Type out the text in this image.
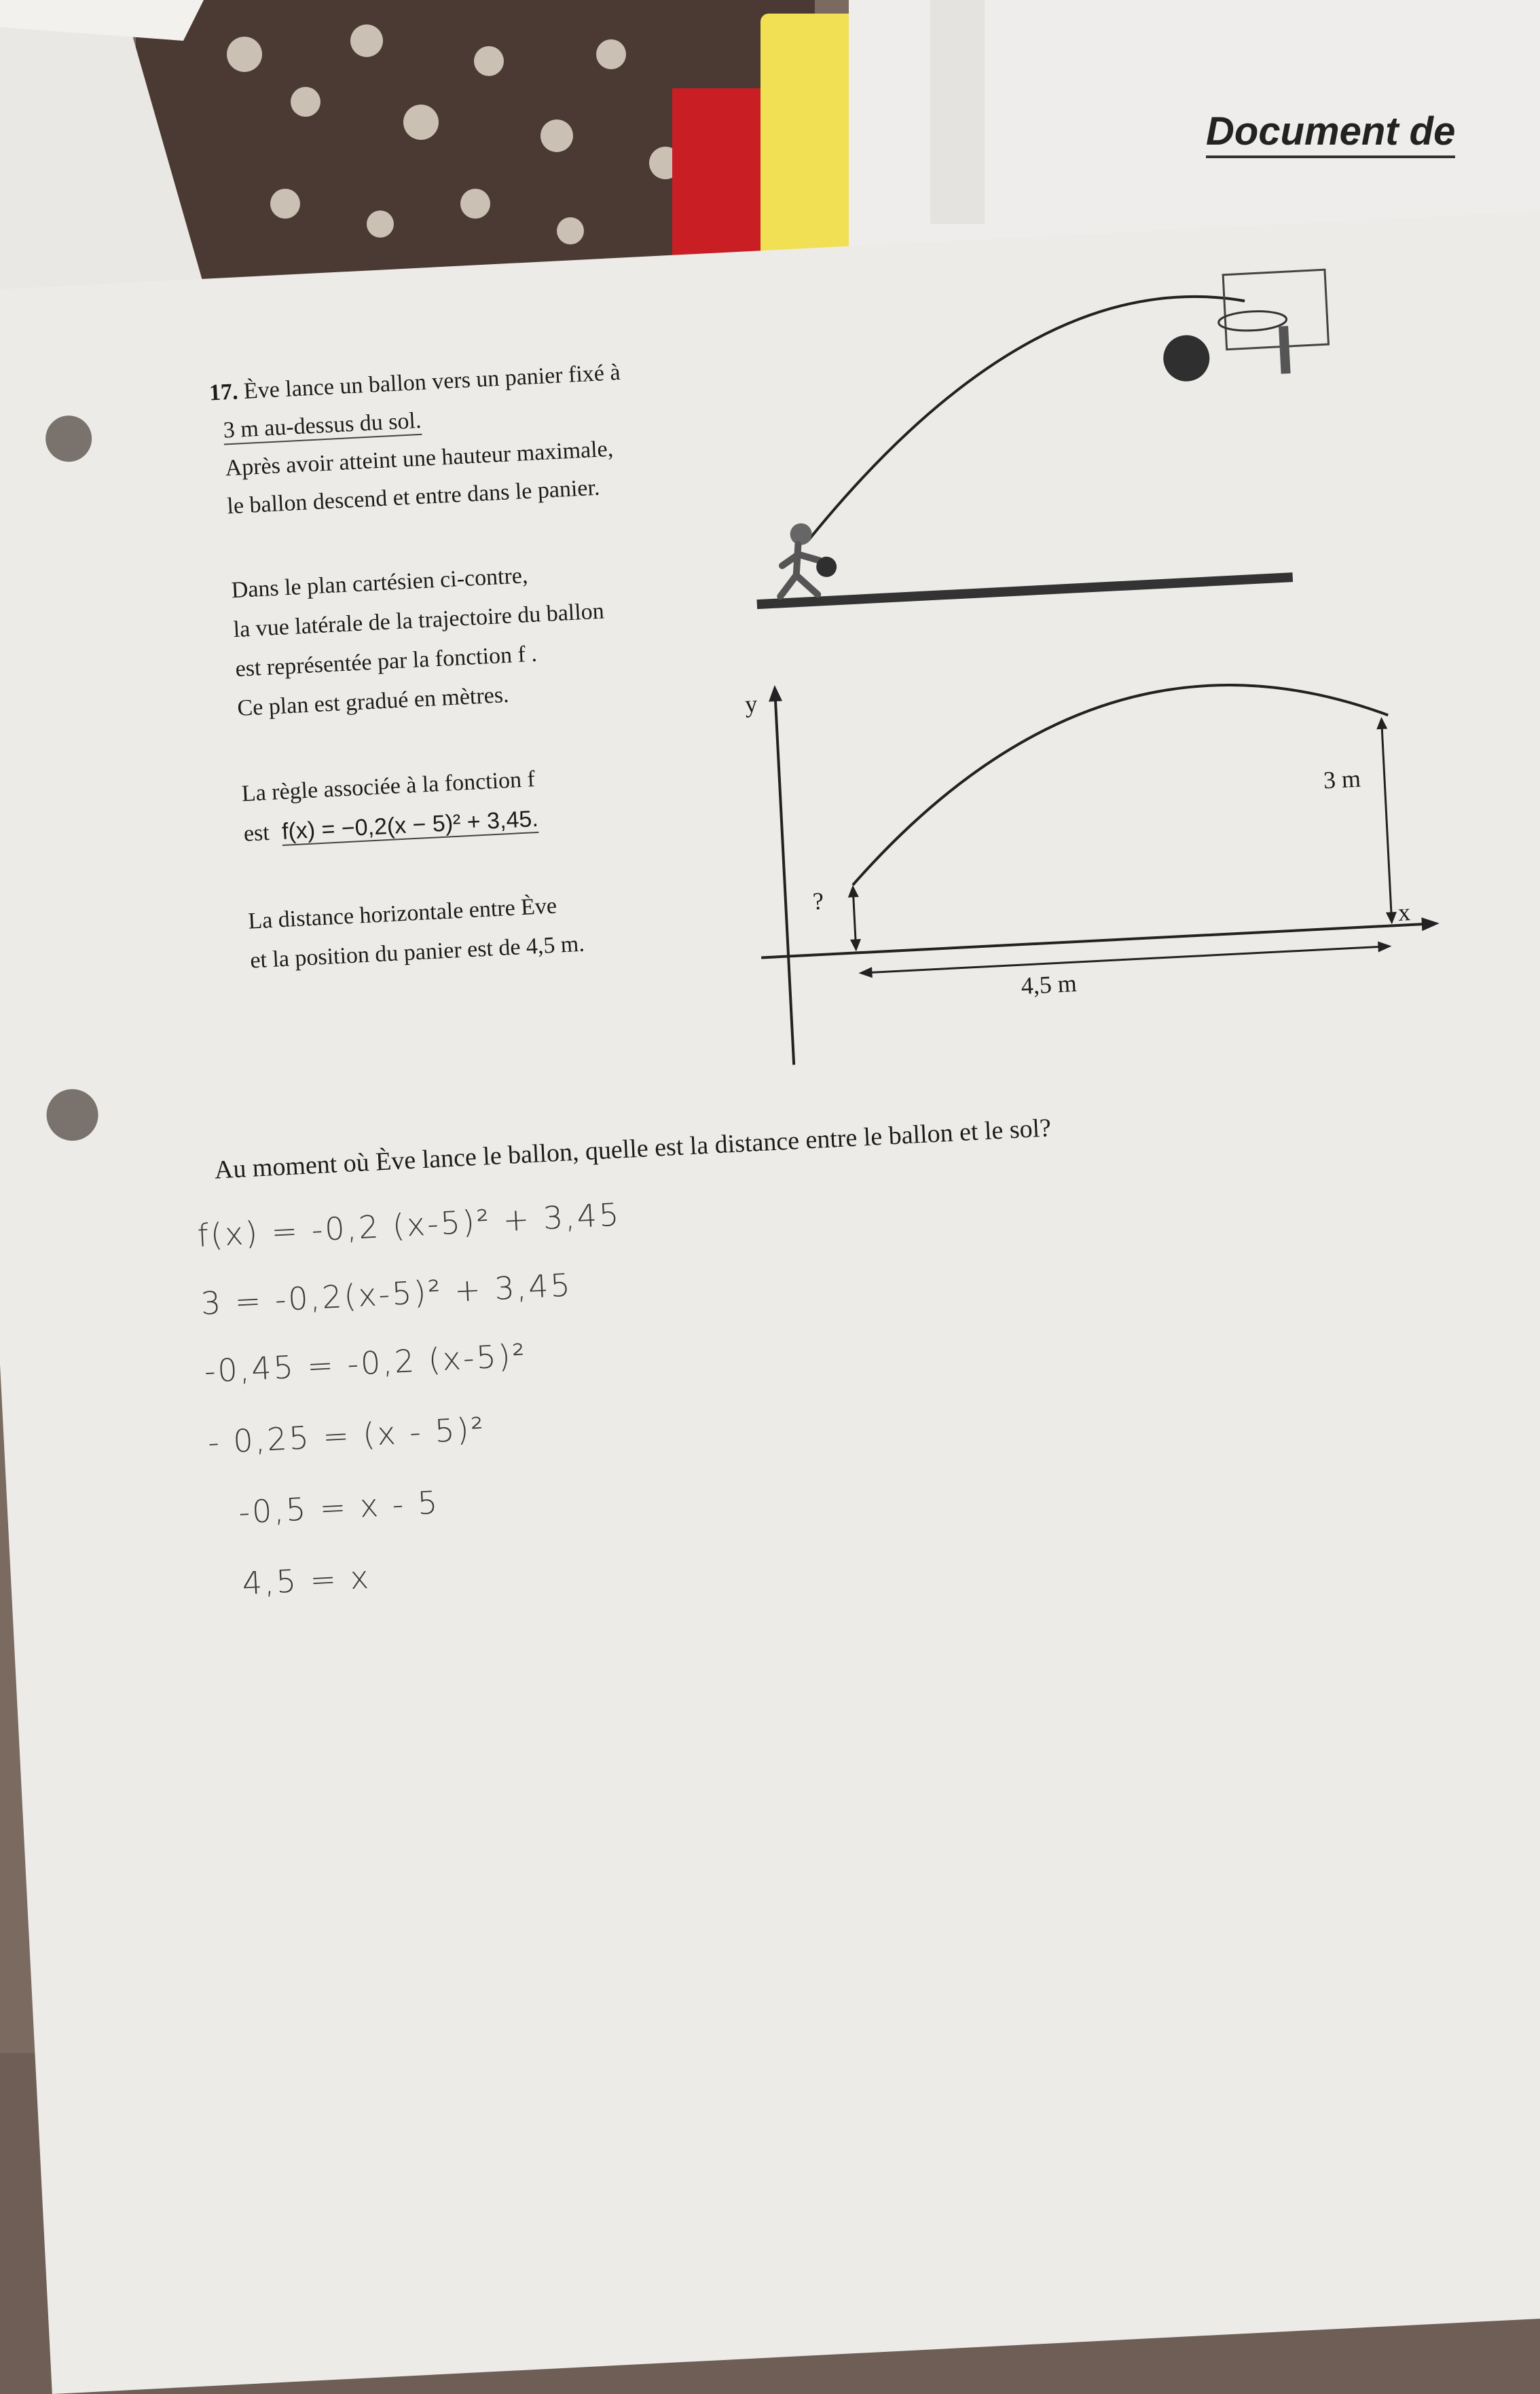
Document de
17. Ève lance un ballon vers un panier fixé à
3 m au-dessus du sol.
Après avoir atteint une hauteur maximale,
le ballon descend et entre dans le panier.
Dans le plan cartésien ci-contre,
la vue latérale de la trajectoire du ballon
est représentée par la fonction f .
Ce plan est gradué en mètres.
La règle associée à la fonction f
est f(x) = −0,2(x − 5)² + 3,45.
La distance horizontale entre Ève
et la position du panier est de 4,5 m.
y
x
?
3 m
4,5 m
Au moment où Ève lance le ballon, quelle est la distance entre le ballon et le sol?
f(x) = -0,2 (x-5)² + 3,45
3 = -0,2(x-5)² + 3,45
-0,45 = -0,2 (x-5)²
- 0,25 = (x - 5)²
-0,5 = x - 5
4,5 = x
